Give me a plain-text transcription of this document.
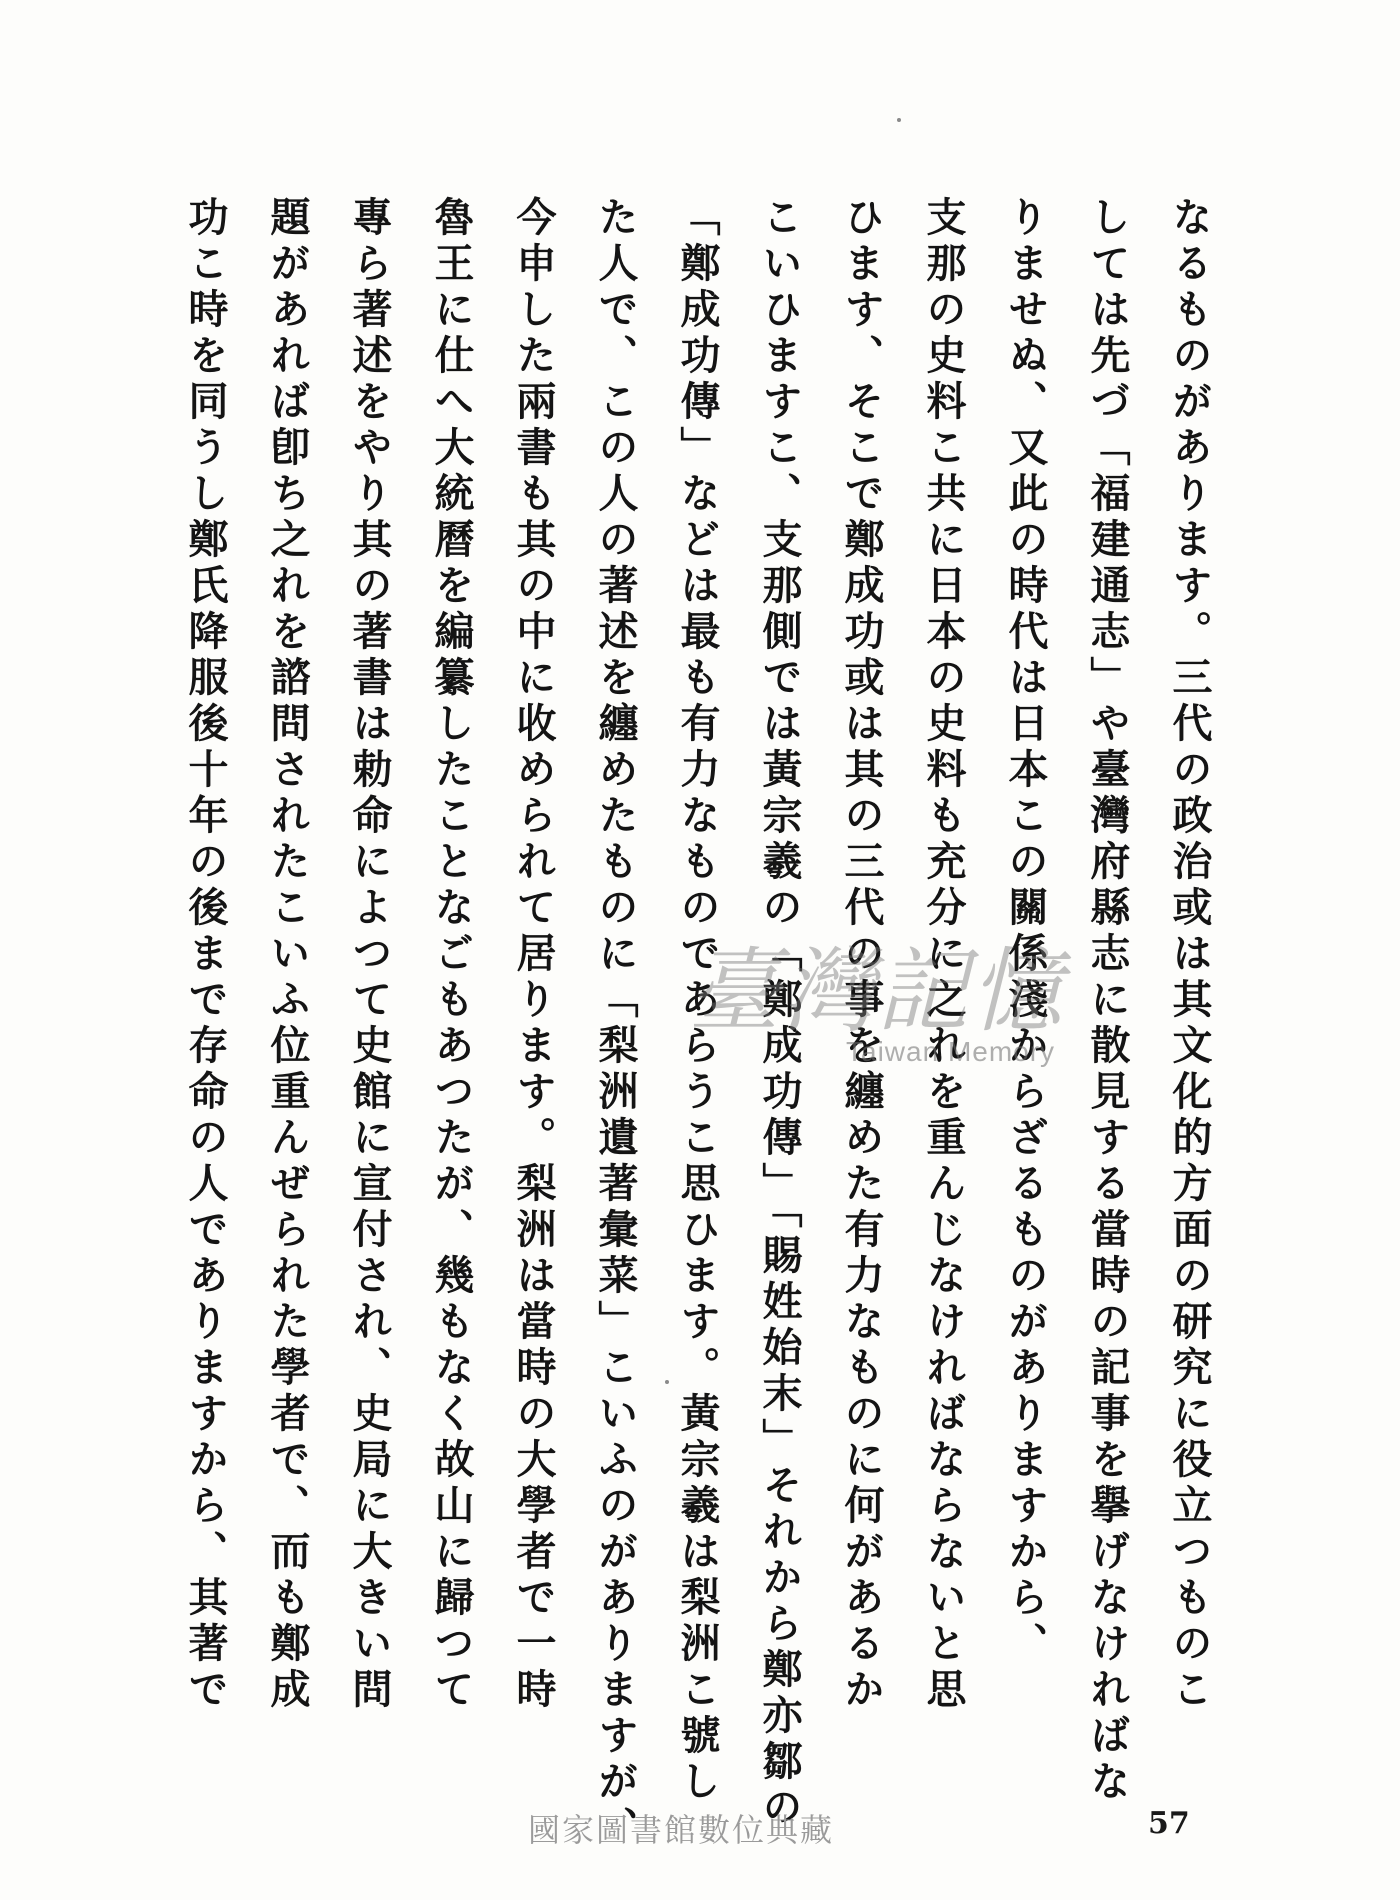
なるものがあります。三代の政治或は其文化的方面の研究に役立つものこ
しては先づ「福建通志」や臺灣府縣志に散見する當時の記事を擧げなければな
りませぬ、又此の時代は日本この關係淺からざるものがありますから、
支那の史料こ共に日本の史料も充分に之れを重んじなければならないと思
ひます、そこで鄭成功或は其の三代の事を纏めた有力なものに何があるか
こいひますこ、支那側では黃宗羲の「鄭成功傳」「賜姓始末」それから鄭亦鄒の
「鄭成功傳」などは最も有力なものであらうこ思ひます。黃宗羲は梨洲こ號し
た人で、この人の著述を纏めたものに「梨洲遺著彙菜」こいふのがありますが、
今申した兩書も其の中に收められて居ります。梨洲は當時の大學者で一時
魯王に仕へ大統曆を編纂したことなごもあつたが、幾もなく故山に歸つて
專ら著述をやり其の著書は勅命によつて史館に宣付され、史局に大きい問
題があれば卽ち之れを諮問されたこいふ位重んぜられた學者で、而も鄭成
功こ時を同うし鄭氏降服後十年の後まで存命の人でありますから、其著で	臺灣記憶
Taiwan Memory
國家圖書館數位典藏	57
